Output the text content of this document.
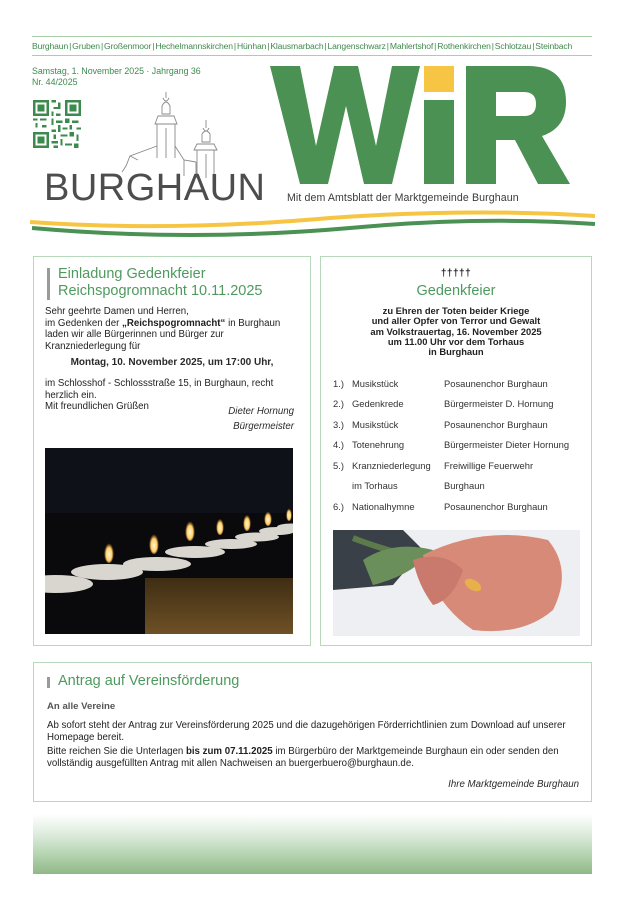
Burghaun|Gruben|Großenmoor|Hechelmannskirchen|Hünhan|Klausmarbach|Langenschwarz|Mahlertshof|Rothenkirchen|Schlotzau|Steinbach
Samstag, 1. November 2025 · Jahrgang 36
Nr. 44/2025
BURGHAUN Mit dem Amtsblatt der Marktgemeinde Burghaun
Einladung Gedenkfeier
Reichspogromnacht 10.11.2025
Sehr geehrte Damen und Herren,
im Gedenken der „Reichspogromnacht“ in Burghaun laden wir alle Bürgerinnen und Bürger zur Kranzniederlegung für
Montag, 10. November 2025, um 17:00 Uhr,
im Schlosshof - Schlossstraße 15, in Burghaun, recht herzlich ein.
Mit freundlichen Grüßen	Dieter Hornung
Bürgermeister
†††††
Gedenkfeier
zu Ehren der Toten beider Kriege
und aller Opfer von Terror und Gewalt
am Volkstrauertag, 16. November 2025
um 11.00 Uhr vor dem Torhaus
in Burghaun
1.) Musikstück	Posaunenchor Burghaun
2.) Gedenkrede	Bürgermeister D. Hornung
3.) Musikstück	Posaunenchor Burghaun
4.) Totenehrung	Bürgermeister Dieter Hornung
5.) Kranzniederlegung	Freiwillige Feuerwehr
im Torhaus	Burghaun
6.) Nationalhymne	Posaunenchor Burghaun
Antrag auf Vereinsförderung
An alle Vereine
Ab sofort steht der Antrag zur Vereinsförderung 2025 und die dazugehörigen Förderrichtlinien zum Download auf unserer Homepage bereit.
Bitte reichen Sie die Unterlagen bis zum 07.11.2025 im Bürgerbüro der Marktgemeinde Burghaun ein oder senden den vollständig ausgefüllten Antrag mit allen Nachweisen an buergerbuero@burghaun.de.
Ihre Marktgemeinde Burghaun
